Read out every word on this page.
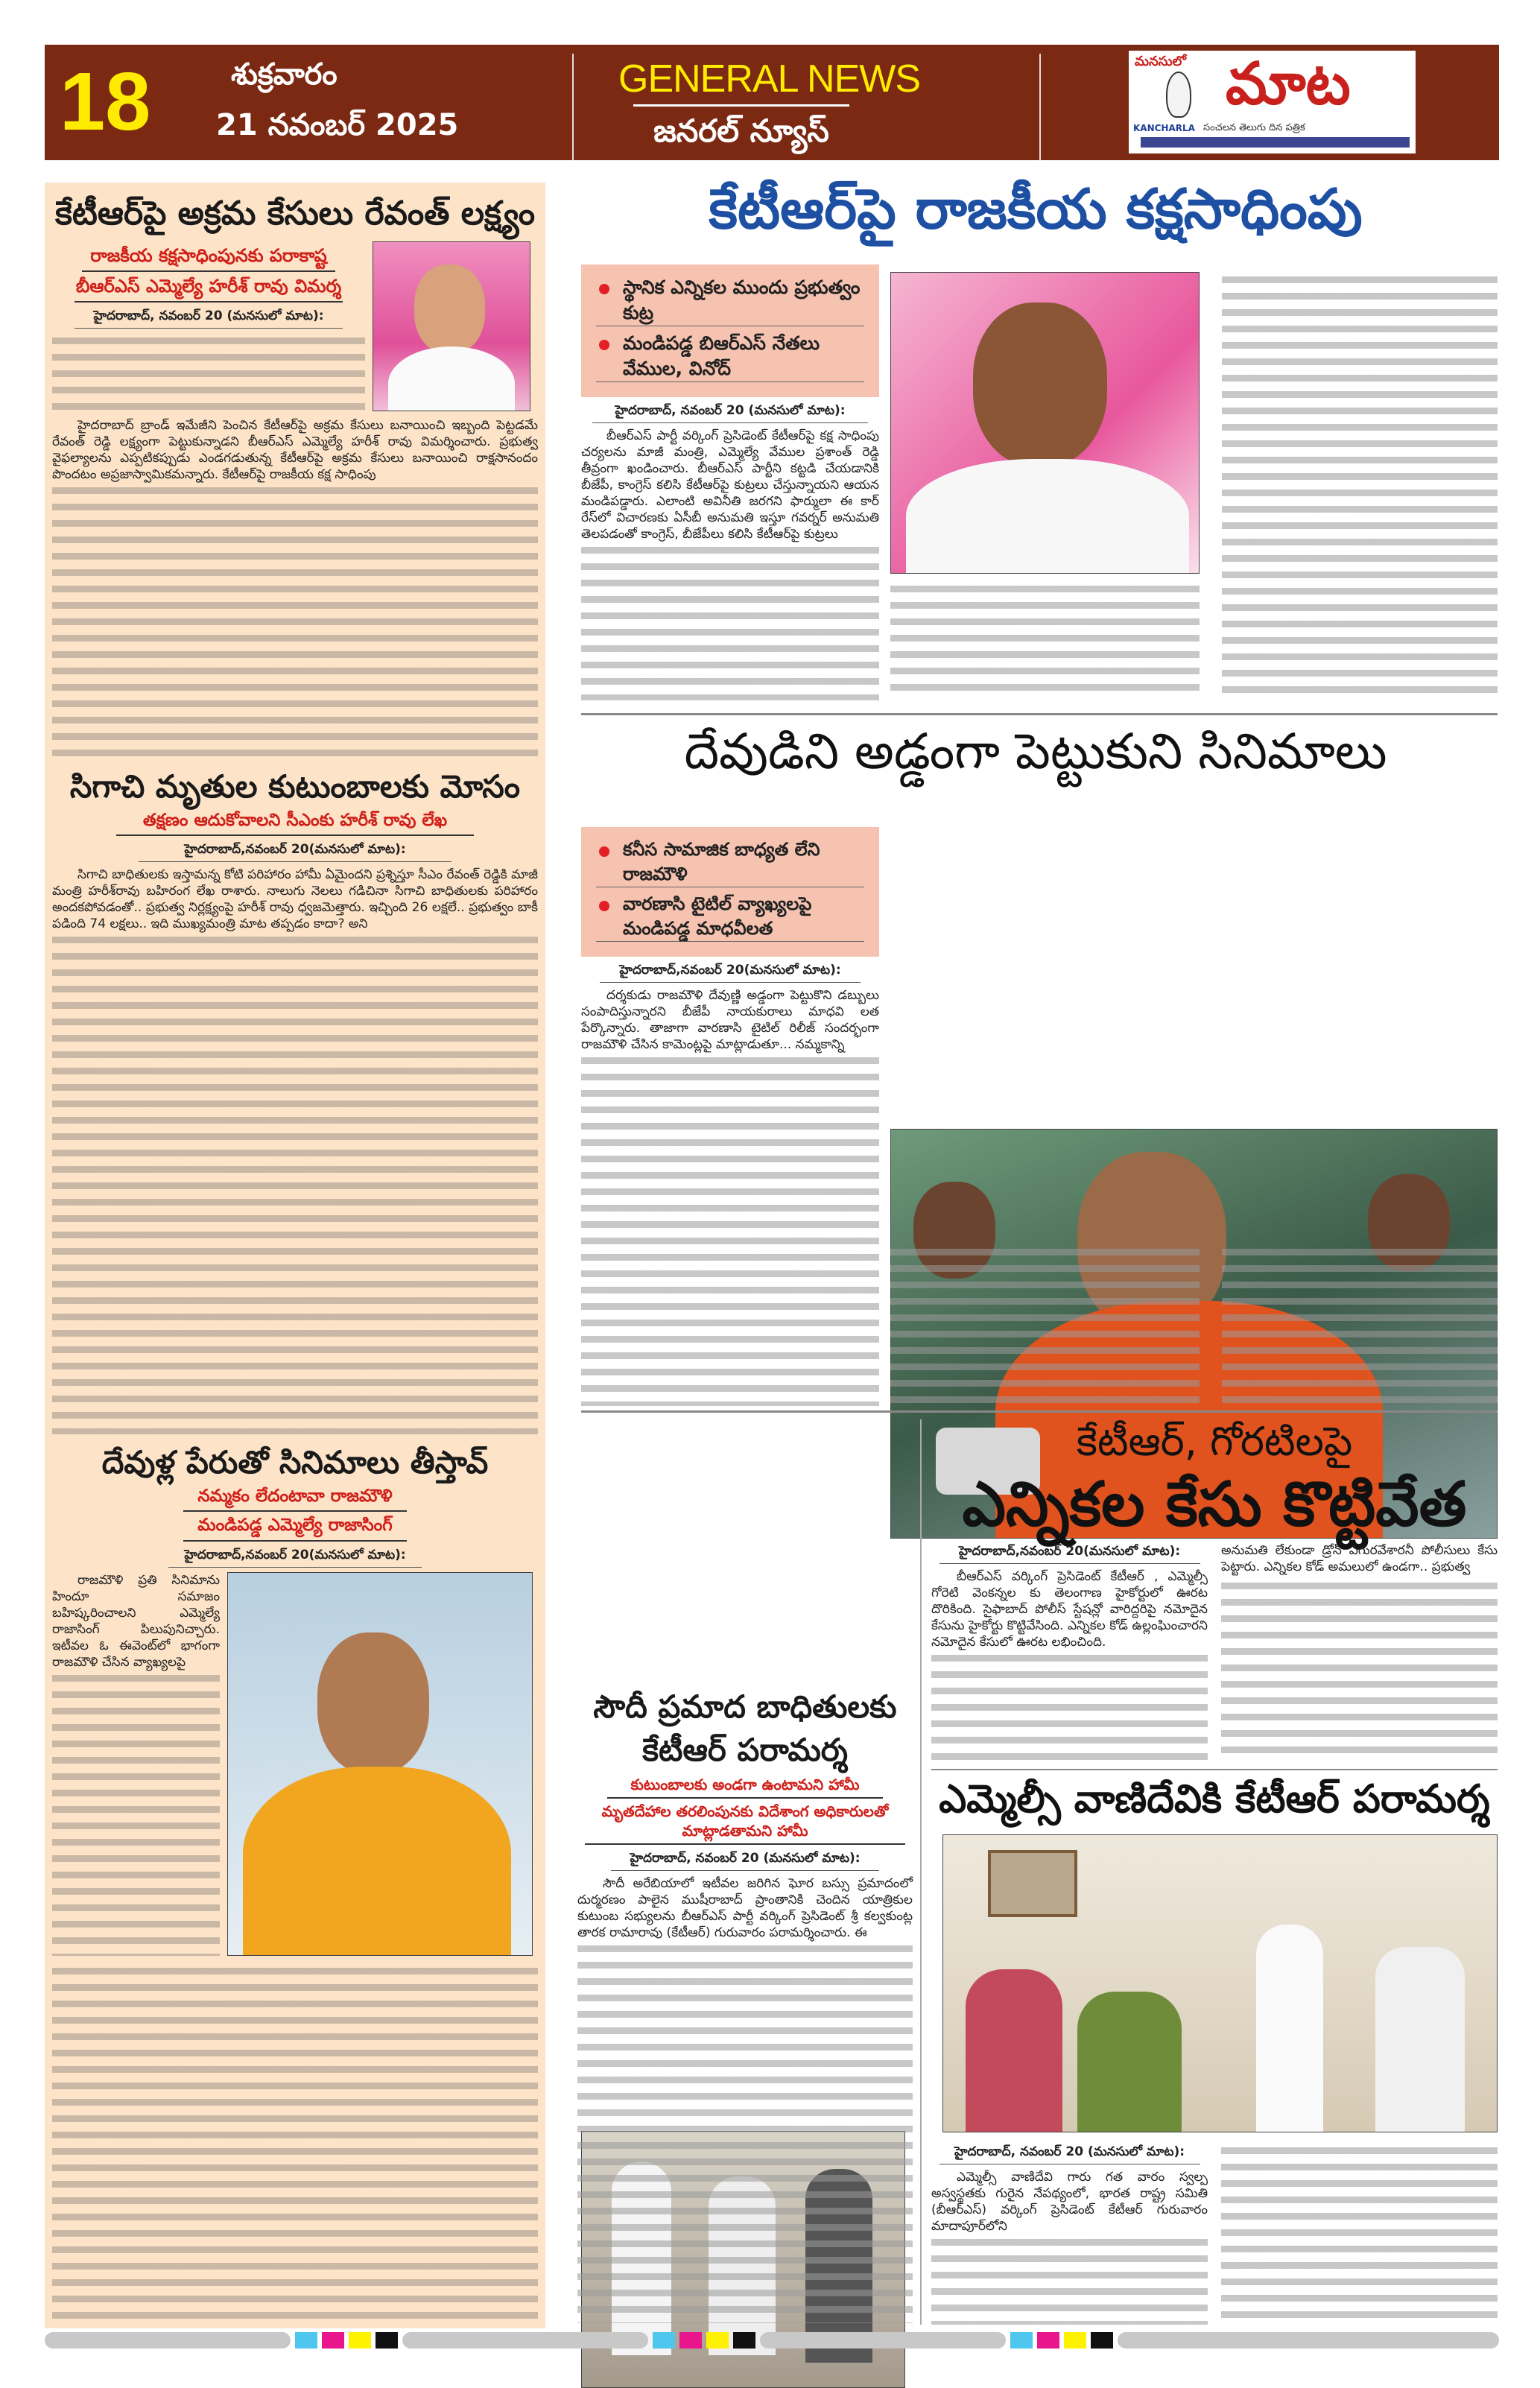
18	శుక్రవారం
21 నవంబర్ 2025
GENERAL NEWS
జనరల్ న్యూస్
మనసులో మాట
KANCHARLA సంచలన తెలుగు దిన పత్రిక
కేటీఆర్‌పై అక్రమ కేసులు రేవంత్ లక్ష్యం
రాజకీయ కక్షసాధింపునకు పరాకాష్ట
బీఆర్ఎస్ ఎమ్మెల్యే హరీశ్ రావు విమర్శ
హైదరాబాద్, నవంబర్ 20 (మనసులో మాట):

హైదరాబాద్ బ్రాండ్ ఇమేజీని పెంచిన కేటీఆర్‌పై అక్రమ కేసులు బనాయించి ఇబ్బంది పెట్టడమే రేవంత్ రెడ్డి లక్ష్యంగా పెట్టుకున్నాడని బీఆర్ఎస్ ఎమ్మెల్యే హరీశ్ రావు విమర్శించారు. ప్రభుత్వ వైఫల్యాలను ఎప్పటికప్పుడు ఎండగడుతున్న కేటీఆర్‌పై అక్రమ కేసులు బనాయించి రాక్షసానందం పొందటం అప్రజాస్వామికమన్నారు. కేటీఆర్‌పై రాజకీయ కక్ష సాధింపు

సిగాచి మృతుల కుటుంబాలకు మోసం
తక్షణం ఆదుకోవాలని సీఎంకు హరీశ్ రావు లేఖ
హైదరాబాద్,నవంబర్ 20(మనసులో మాట):

సిగాచి బాధితులకు ఇస్తామన్న కోటి పరిహారం హామీ ఏమైందని ప్రశ్నిస్తూ సీఎం రేవంత్ రెడ్డికి మాజీ మంత్రి హరీశ్‌రావు బహిరంగ లేఖ రాశారు. నాలుగు నెలలు గడిచినా సిగాచి బాధితులకు పరిహారం అందకపోవడంతో.. ప్రభుత్వ నిర్లక్ష్యంపై హరీశ్ రావు ధ్వజమెత్తారు. ఇచ్చింది 26 లక్షలే.. ప్రభుత్వం బాకీ పడింది 74 లక్షలు.. ఇది ముఖ్యమంత్రి మాట తప్పడం కాదా? అని

దేవుళ్ల పేరుతో సినిమాలు తీస్తావ్
నమ్మకం లేదంటావా రాజమౌళి
మండిపడ్డ ఎమ్మెల్యే రాజాసింగ్
హైదరాబాద్,నవంబర్ 20(మనసులో మాట):

రాజమౌళి ప్రతి సినిమాను హిందూ సమాజం బహిష్కరించాలని ఎమ్మెల్యే రాజాసింగ్ పిలుపునిచ్చారు. ఇటీవల ఓ ఈవెంట్‌లో భాగంగా రాజమౌళి చేసిన వ్యాఖ్యలపై

కేటీఆర్‌పై రాజకీయ కక్షసాధింపు
స్థానిక ఎన్నికల ముందు ప్రభుత్వం కుట్ర
మండిపడ్డ బిఆర్ఎస్ నేతలు వేముల, వినోద్
హైదరాబాద్, నవంబర్ 20 (మనసులో మాట):

బీఆర్ఎస్ పార్టీ వర్కింగ్ ప్రెసిడెంట్ కేటీఆర్‌పై కక్ష సాధింపు చర్యలను మాజీ మంత్రి, ఎమ్మెల్యే వేముల ప్రశాంత్ రెడ్డి తీవ్రంగా ఖండించారు. బీఆర్ఎస్ పార్టీని కట్టడి చేయడానికి బీజేపీ, కాంగ్రెస్ కలిసి కేటీఆర్‌పై కుట్రలు చేస్తున్నాయని ఆయన మండిపడ్డారు. ఎలాంటి అవినీతి జరగని ఫార్ములా ఈ కార్ రేస్‌లో విచారణకు ఏసీబీ అనుమతి ఇస్తూ గవర్నర్ అనుమతి తెలపడంతో కాంగ్రెస్, బీజేపీలు కలిసి కేటీఆర్‌పై కుట్రలు

దేవుడిని అడ్డంగా పెట్టుకుని సినిమాలు
కనీస సామాజిక బాధ్యత లేని రాజమౌళి
వారణాసి టైటిల్ వ్యాఖ్యలపై మండిపడ్డ మాధవీలత
హైదరాబాద్,నవంబర్ 20(మనసులో మాట):

దర్శకుడు రాజమౌళి దేవుణ్ణి అడ్డంగా పెట్టుకొని డబ్బులు సంపాదిస్తున్నారని బీజేపీ నాయకురాలు మాధవి లత పేర్కొన్నారు. తాజాగా వారణాసి టైటిల్ రిలీజ్ సందర్భంగా రాజమౌళి చేసిన కామెంట్లపై మాట్లాడుతూ... నమ్మకాన్ని

సౌదీ ప్రమాద బాధితులకు కేటీఆర్ పరామర్శ
కుటుంబాలకు అండగా ఉంటామని హామీ
మృతదేహాల తరలింపునకు విదేశాంగ అధికారులతో మాట్లాడతామని హామీ
హైదరాబాద్, నవంబర్ 20 (మనసులో మాట):

సౌదీ అరేబియాలో ఇటీవల జరిగిన ఘోర బస్సు ప్రమాదంలో దుర్మరణం పాలైన ముషీరాబాద్ ప్రాంతానికి చెందిన యాత్రికుల కుటుంబ సభ్యులను బీఆర్ఎస్ పార్టీ వర్కింగ్ ప్రెసిడెంట్ శ్రీ కల్వకుంట్ల తారక రామారావు (కేటీఆర్) గురువారం పరామర్శించారు. ఈ

కేటీఆర్, గోరటిలపై
ఎన్నికల కేసు కొట్టివేత
హైదరాబాద్,నవంబర్ 20(మనసులో మాట):

బీఆర్ఎస్ వర్కింగ్ ప్రెసిడెంట్ కేటీఆర్ , ఎమ్మెల్సీ గోరెటి వెంకన్నల కు తెలంగాణ హైకోర్టులో ఊరట దొరికింది. సైఫాబాద్ పోలీస్ స్టేషన్లో వారిద్దరిపై నమోదైన కేసును హైకోర్టు కొట్టివేసింది. ఎన్నికల కోడ్ ఉల్లంఘించారని నమోదైన కేసులో ఊరట లభించింది.

అనుమతి లేకుండా డ్రోన్ ఎగురవేశారనీ పోలీసులు కేసు పెట్టారు. ఎన్నికల కోడ్ అమలులో ఉండగా.. ప్రభుత్వ

ఎమ్మెల్సీ వాణిదేవికి కేటీఆర్ పరామర్శ
హైదరాబాద్, నవంబర్ 20 (మనసులో మాట):

ఎమ్మెల్సీ వాణిదేవి గారు గత వారం స్వల్ప అస్వస్థతకు గురైన నేపథ్యంలో, భారత రాష్ట్ర సమితి (బీఆర్ఎస్) వర్కింగ్ ప్రెసిడెంట్ కేటీఆర్ గురువారం మాదాపూర్‌లోని
